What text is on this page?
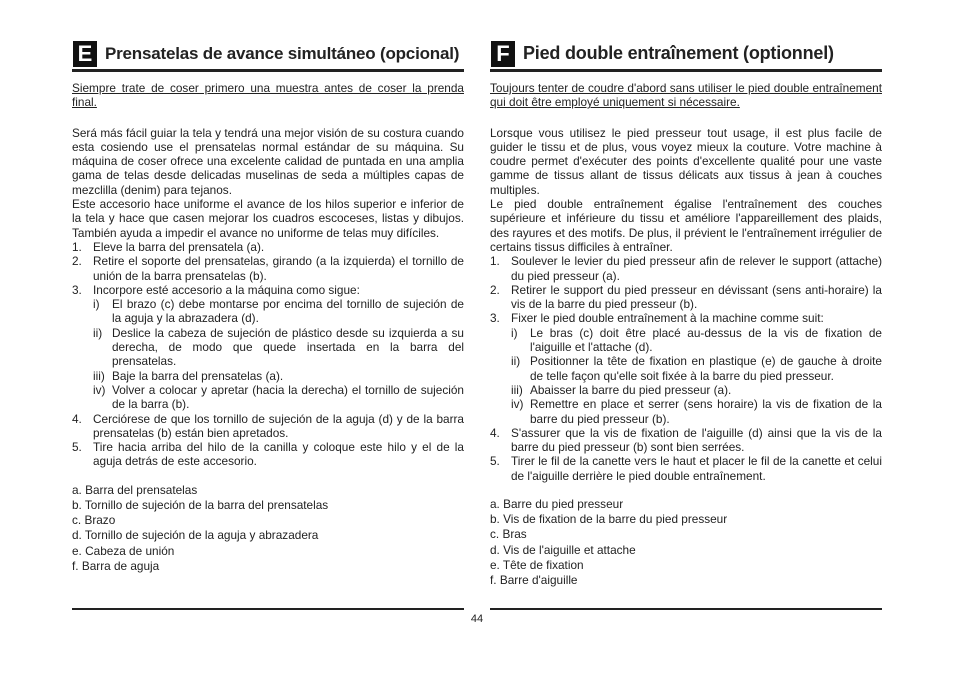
E Prensatelas de avance simultáneo (opcional)
Siempre trate de coser primero una muestra antes de coser la prenda final.

Será más fácil guiar la tela y tendrá una mejor visión de su costura cuando esta cosiendo use el prensatelas normal estándar de su máquina. Su máquina de coser ofrece una excelente calidad de puntada en una amplia gama de telas desde delicadas muselinas de seda a múltiples capas de mezclilla (denim) para tejanos.

Este accesorio hace uniforme el avance de los hilos superior e inferior de la tela y hace que casen mejorar los cuadros escoceses, listas y dibujos. También ayuda a impedir el avance no uniforme de telas muy difíciles.

1. Eleve la barra del prensatela (a).
2. Retire el soporte del prensatelas, girando (a la izquierda) el tornillo de unión de la barra prensatelas (b).
3. Incorpore esté accesorio a la máquina como sigue:
i)	El brazo (c) debe montarse por encima del tornillo de sujeción de la aguja y la abrazadera (d).
ii) Deslice la cabeza de sujeción de plástico desde su izquierda a su derecha, de modo que quede insertada en la barra del prensatelas.
iii) Baje la barra del prensatelas (a).
iv) Volver a colocar y apretar (hacia la derecha) el tornillo de sujeción de la barra (b).
4. Cerciórese de que los tornillo de sujeción de la aguja (d) y de la barra prensatelas (b) están bien apretados.
5. Tire hacia arriba del hilo de la canilla y coloque este hilo y el de la aguja detrás de este accesorio.
a. Barra del prensatelas
b. Tornillo de sujeción de la barra del prensatelas
c. Brazo
d. Tornillo de sujeción de la aguja y abrazadera
e. Cabeza de unión
f. Barra de aguja
F Pied double entraînement (optionnel)
Toujours tenter de coudre d'abord sans utiliser le pied double entraînement qui doit être employé uniquement si nécessaire.

Lorsque vous utilisez le pied presseur tout usage, il est plus facile de guider le tissu et de plus, vous voyez mieux la couture. Votre machine à coudre permet d'exécuter des points d'excellente qualité pour une vaste gamme de tissus allant de tissus délicats aux tissus à jean à couches multiples.

Le pied double entraînement égalise l'entraînement des couches supérieure et inférieure du tissu et améliore l'appareillement des plaids, des rayures et des motifs. De plus, il prévient le l'entraînement irrégulier de certains tissus difficiles à entraîner.

1. Soulever le levier du pied presseur afin de relever le support (attache) du pied presseur (a).
2. Retirer le support du pied presseur en dévissant (sens anti-horaire) la vis de la barre du pied presseur (b).
3. Fixer le pied double entraînement à la machine comme suit:
i)	Le bras (c) doit être placé au-dessus de la vis de fixation de l'aiguille et l'attache (d).
ii) Positionner la tête de fixation en plastique (e) de gauche à droite de telle façon qu'elle soit fixée à la barre du pied presseur.
iii) Abaisser la barre du pied presseur (a).
iv) Remettre en place et serrer (sens horaire) la vis de fixation de la barre du pied presseur (b).
4. S'assurer que la vis de fixation de l'aiguille (d) ainsi que la vis de la barre du pied presseur (b) sont bien serrées.
5. Tirer le fil de la canette vers le haut et placer le fil de la canette et celui de l'aiguille derrière le pied double entraînement.
a. Barre du pied presseur
b. Vis de fixation de la barre du pied presseur
c. Bras
d. Vis de l'aiguille et attache
e. Tête de fixation
f. Barre d'aiguille
44
